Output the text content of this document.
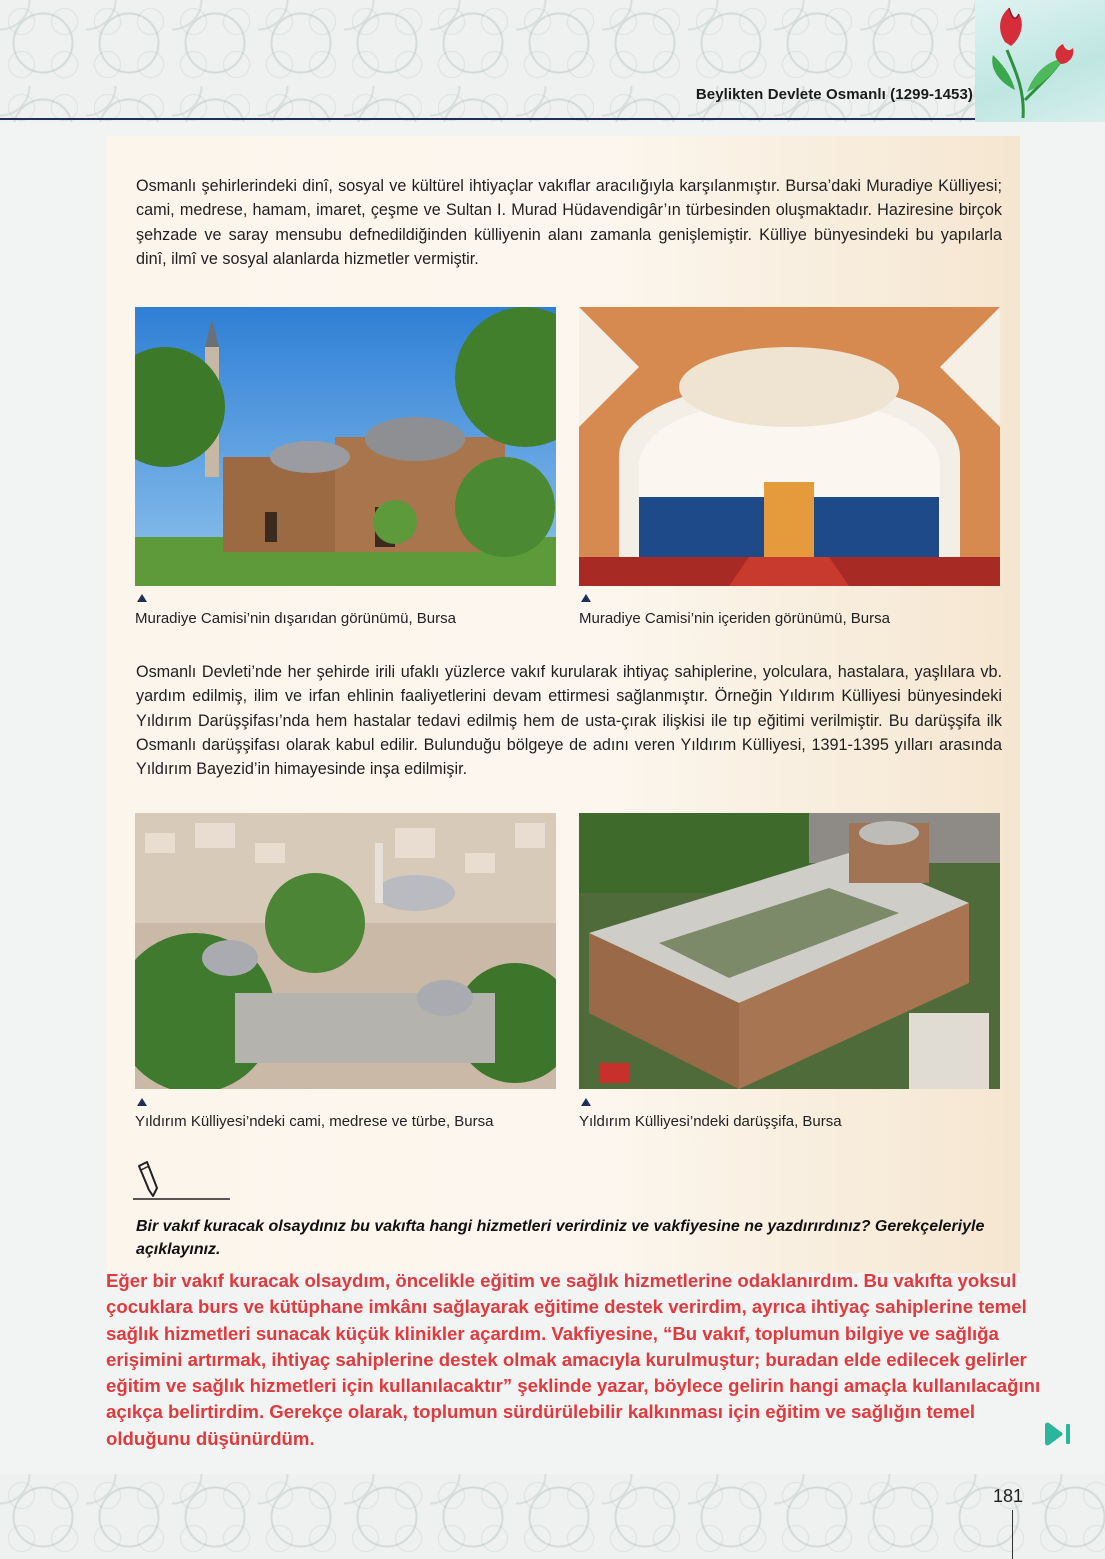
Beylikten Devlete Osmanlı (1299-1453)

Osmanlı şehirlerindeki dinî, sosyal ve kültürel ihtiyaçlar vakıflar aracılığıyla karşılanmıştır. Bursa’daki Muradiye Külliyesi; cami, medrese, hamam, imaret, çeşme ve Sultan I. Murad Hüdavendigâr’ın türbesinden oluşmaktadır. Haziresine birçok şehzade ve saray mensubu defnedildiğinden külliyenin alanı zamanla genişlemiştir. Külliye bünyesindeki bu yapılarla dinî, ilmî ve sosyal alanlarda hizmetler vermiştir.

Muradiye Camisi’nin dışarıdan görünümü, Bursa	Muradiye Camisi’nin içeriden görünümü, Bursa

Osmanlı Devleti’nde her şehirde irili ufaklı yüzlerce vakıf kurularak ihtiyaç sahiplerine, yolculara, hastalara, yaşlılara vb. yardım edilmiş, ilim ve irfan ehlinin faaliyetlerini devam ettirmesi sağlanmıştır. Örneğin Yıldırım Külliyesi bünyesindeki Yıldırım Darüşşifası’nda hem hastalar tedavi edilmiş hem de usta-çırak ilişkisi ile tıp eğitimi verilmiştir. Bu darüşşifa ilk Osmanlı darüşşifası olarak kabul edilir. Bulunduğu bölgeye de adını veren Yıldırım Külliyesi, 1391-1395 yılları arasında Yıldırım Bayezid’in himayesinde inşa edilmişir.

Yıldırım Külliyesi’ndeki cami, medrese ve türbe, Bursa	Yıldırım Külliyesi’ndeki darüşşifa, Bursa

Bir vakıf kuracak olsaydınız bu vakıfta hangi hizmetleri verirdiniz ve vakfiyesine ne yazdırırdınız? Gerekçeleriyle açıklayınız.

Eğer bir vakıf kuracak olsaydım, öncelikle eğitim ve sağlık hizmetlerine odaklanırdım. Bu vakıfta yoksul çocuklara burs ve kütüphane imkânı sağlayarak eğitime destek verirdim, ayrıca ihtiyaç sahiplerine temel sağlık hizmetleri sunacak küçük klinikler açardım. Vakfiyesine, “Bu vakıf, toplumun bilgiye ve sağlığa erişimini artırmak, ihtiyaç sahiplerine destek olmak amacıyla kurulmuştur; buradan elde edilecek gelirler eğitim ve sağlık hizmetleri için kullanılacaktır” şeklinde yazar, böylece gelirin hangi amaçla kullanılacağını açıkça belirtirdim. Gerekçe olarak, toplumun sürdürülebilir kalkınması için eğitim ve sağlığın temel olduğunu düşünürdüm.

181
